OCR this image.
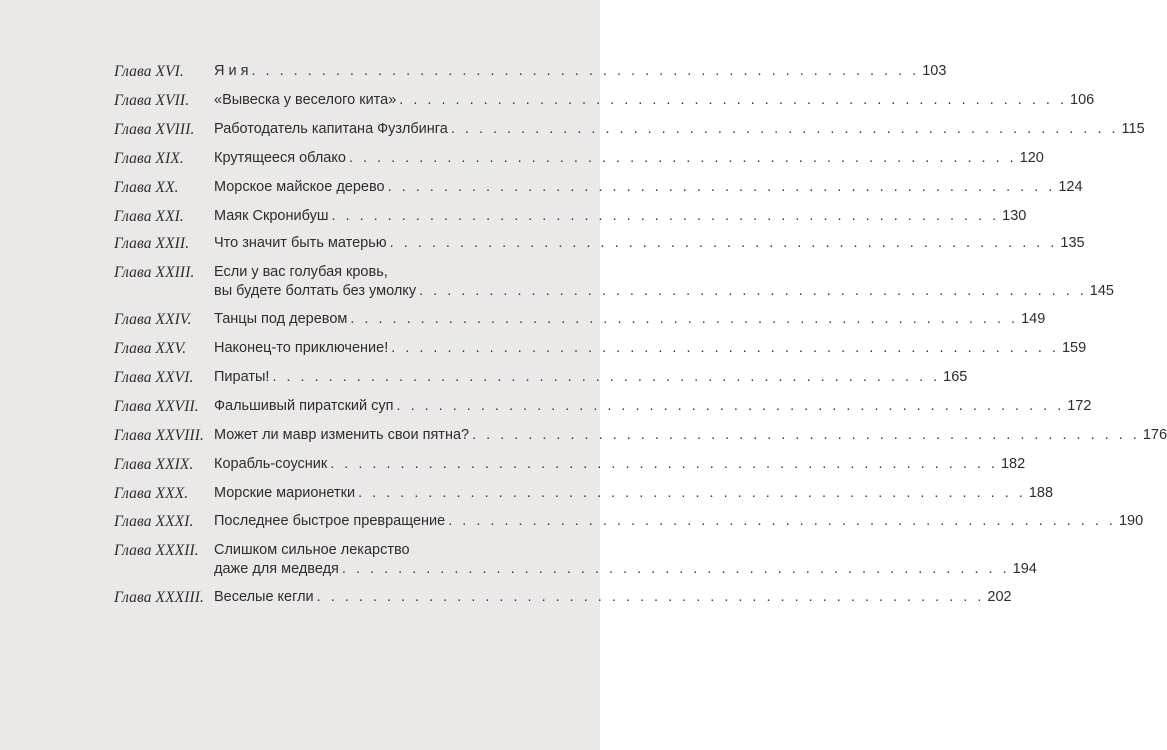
Глава XVI. Я и я . . . . . . . . . . . . . . . . . . . . . . . . . . . . . . . . . . . . . . . . . . . . . . . . 103
Глава XVII. «Вывеска у веселого кита» . . . . . . . . . . . . . . . . . . . . . . . . . . . . . . . . . . . . . . . . . . . . . . . . 106
Глава XVIII. Работодатель капитана Фузлбинга . . . . . . . . . . . . . . . . . . . . . . . . . . . . . . . . . . . . . . . . . . . . . . . . 115
Глава XIX. Крутящееся облако . . . . . . . . . . . . . . . . . . . . . . . . . . . . . . . . . . . . . . . . . . . . . . . . 120
Глава XX. Морское майское дерево . . . . . . . . . . . . . . . . . . . . . . . . . . . . . . . . . . . . . . . . . . . . . . . . 124
Глава XXI. Маяк Скронибуш . . . . . . . . . . . . . . . . . . . . . . . . . . . . . . . . . . . . . . . . . . . . . . . . 130
Глава XXII. Что значит быть матерью . . . . . . . . . . . . . . . . . . . . . . . . . . . . . . . . . . . . . . . . . . . . . . . . 135
Глава XXIII. Если у вас голубая кровь,
вы будете болтать без умолку . . . . . . . . . . . . . . . . . . . . . . . . . . . . . . . . . . . . . . . . . . . . . . . . 145
Глава XXIV. Танцы под деревом . . . . . . . . . . . . . . . . . . . . . . . . . . . . . . . . . . . . . . . . . . . . . . . . 149
Глава XXV. Наконец-то приключение! . . . . . . . . . . . . . . . . . . . . . . . . . . . . . . . . . . . . . . . . . . . . . . . . 159
Глава XXVI. Пираты! . . . . . . . . . . . . . . . . . . . . . . . . . . . . . . . . . . . . . . . . . . . . . . . . 165
Глава XXVII. Фальшивый пиратский суп . . . . . . . . . . . . . . . . . . . . . . . . . . . . . . . . . . . . . . . . . . . . . . . . 172
Глава XXVIII. Может ли мавр изменить свои пятна? . . . . . . . . . . . . . . . . . . . . . . . . . . . . . . . . . . . . . . . . . . . . . . . . 176
Глава XXIX. Корабль-соусник . . . . . . . . . . . . . . . . . . . . . . . . . . . . . . . . . . . . . . . . . . . . . . . . 182
Глава XXX. Морские марионетки . . . . . . . . . . . . . . . . . . . . . . . . . . . . . . . . . . . . . . . . . . . . . . . . 188
Глава XXXI. Последнее быстрое превращение . . . . . . . . . . . . . . . . . . . . . . . . . . . . . . . . . . . . . . . . . . . . . . . . 190
Глава XXXII. Слишком сильное лекарство
даже для медведя . . . . . . . . . . . . . . . . . . . . . . . . . . . . . . . . . . . . . . . . . . . . . . . . 194
Глава XXXIII. Веселые кегли . . . . . . . . . . . . . . . . . . . . . . . . . . . . . . . . . . . . . . . . . . . . . . . . 202
